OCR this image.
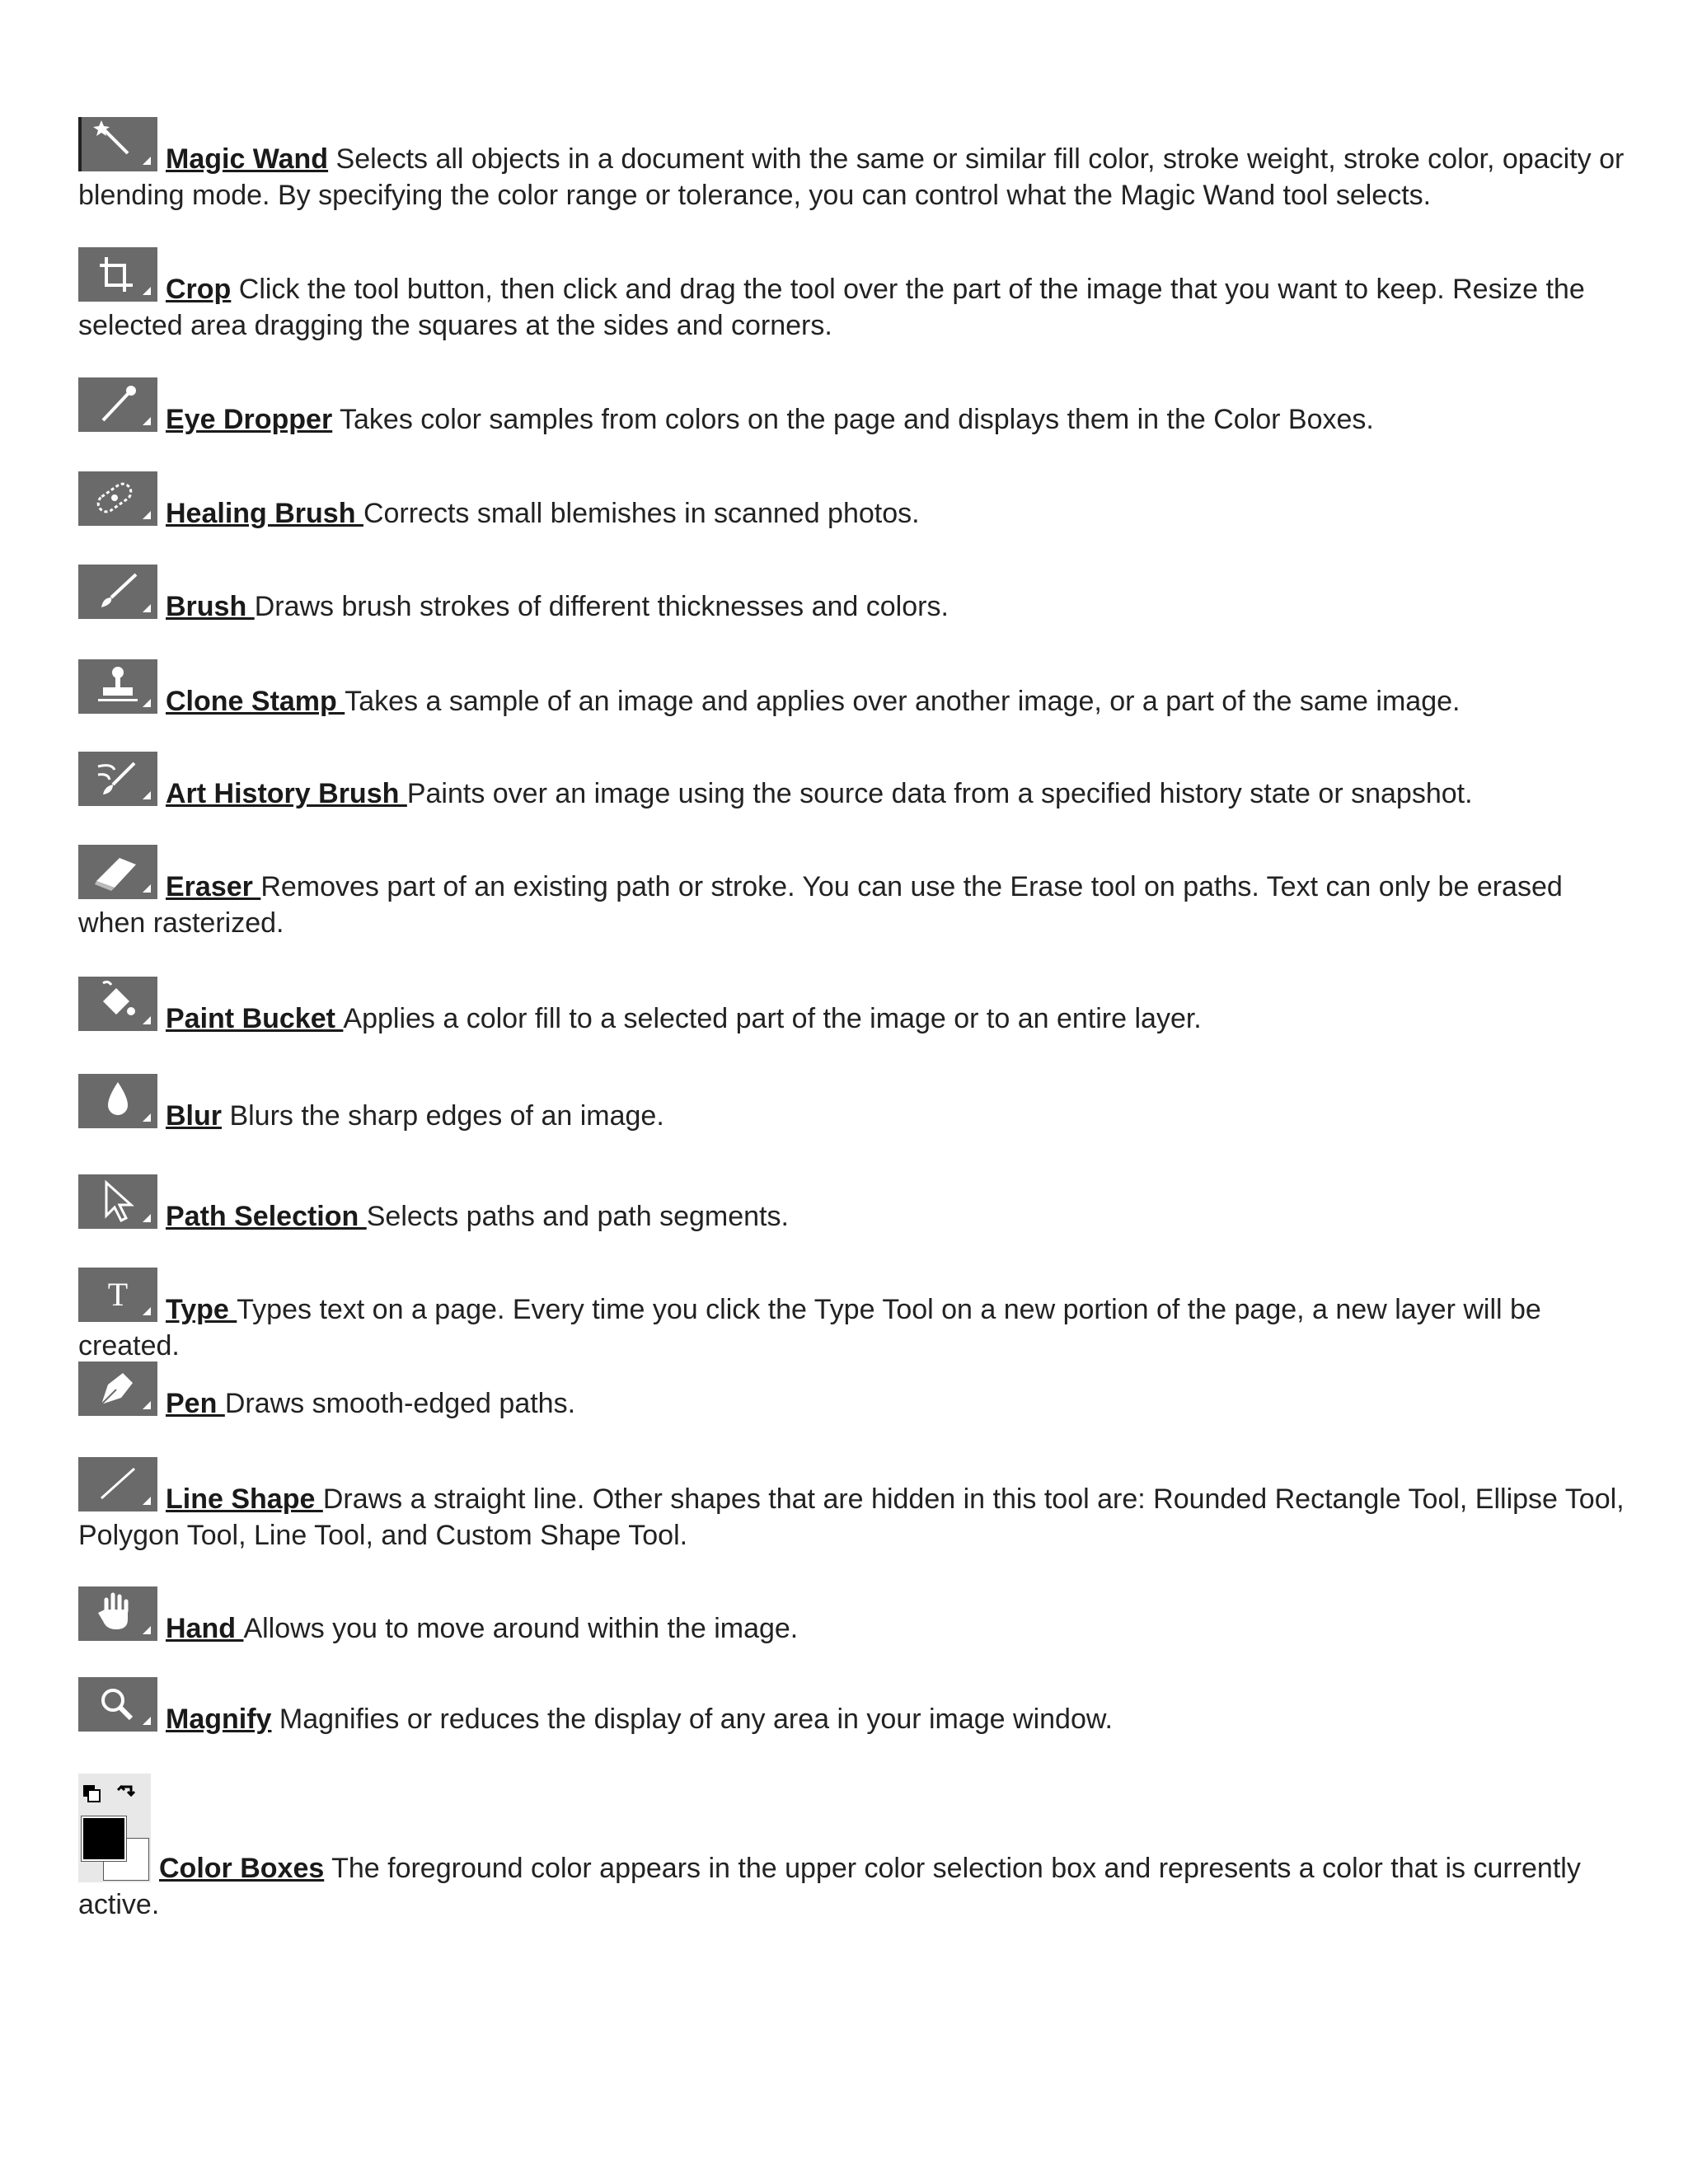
Magic Wand Selects all objects in a document with the same or similar fill color, stroke weight, stroke color, opacity or blending mode. By specifying the color range or tolerance, you can control what the Magic Wand tool selects.
Crop Click the tool button, then click and drag the tool over the part of the image that you want to keep. Resize the selected area dragging the squares at the sides and corners.
Eye Dropper Takes color samples from colors on the page and displays them in the Color Boxes.
Healing Brush Corrects small blemishes in scanned photos.
Brush Draws brush strokes of different thicknesses and colors.
Clone Stamp Takes a sample of an image and applies over another image, or a part of the same image.
Art History Brush Paints over an image using the source data from a specified history state or snapshot.
Eraser Removes part of an existing path or stroke. You can use the Erase tool on paths. Text can only be erased when rasterized.
Paint Bucket Applies a color fill to a selected part of the image or to an entire layer.
Blur Blurs the sharp edges of an image.
Path Selection Selects paths and path segments.
T Type Types text on a page. Every time you click the Type Tool on a new portion of the page, a new layer will be created.
Pen Draws smooth-edged paths.
Line Shape Draws a straight line. Other shapes that are hidden in this tool are: Rounded Rectangle Tool, Ellipse Tool, Polygon Tool, Line Tool, and Custom Shape Tool.
Hand Allows you to move around within the image.
Magnify Magnifies or reduces the display of any area in your image window.
Color Boxes The foreground color appears in the upper color selection box and represents a color that is currently active.
